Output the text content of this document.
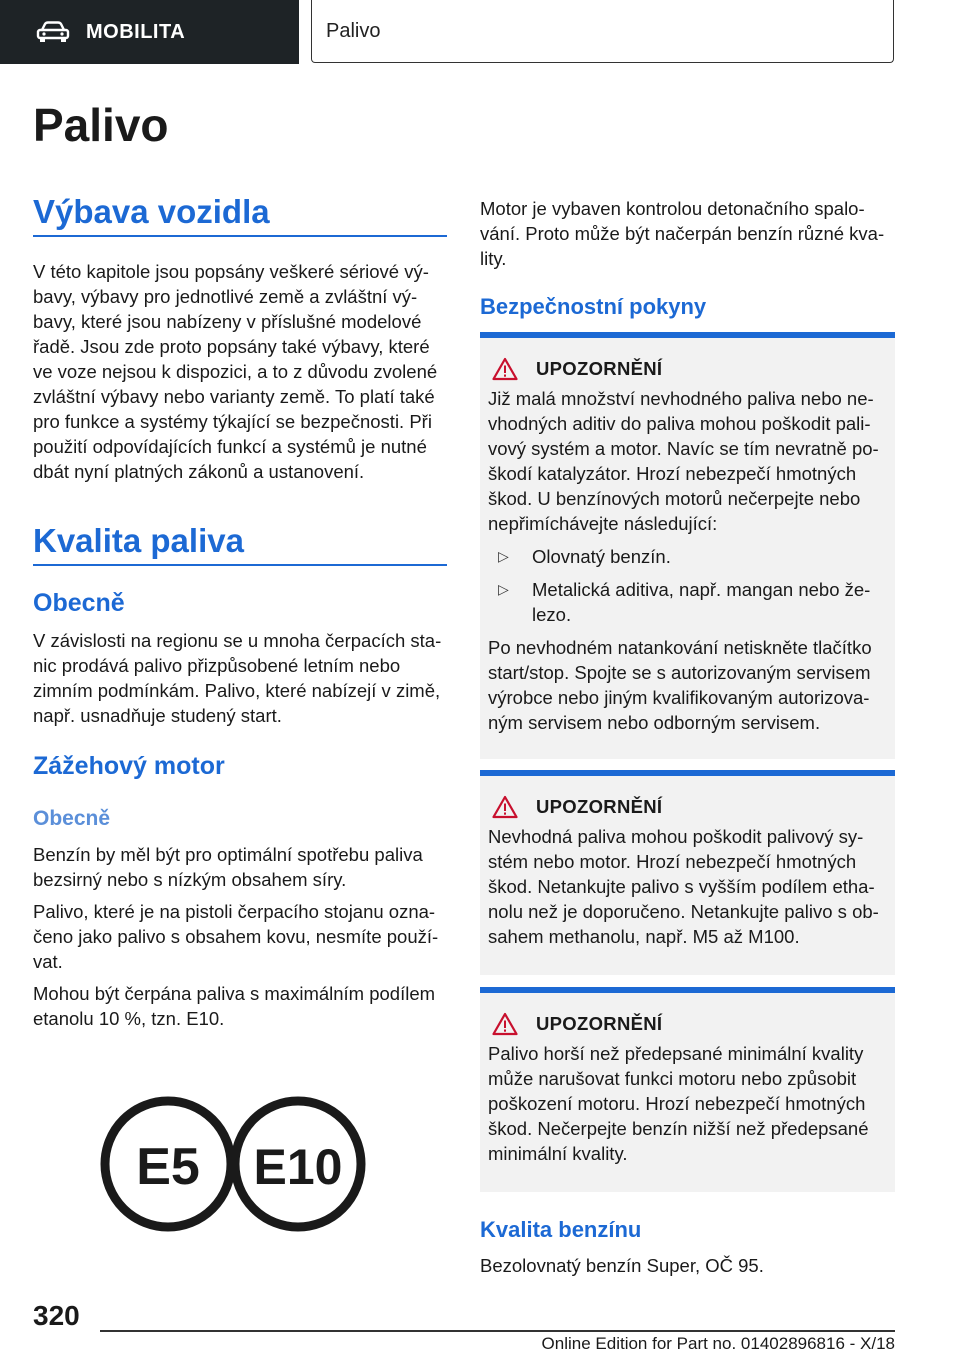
MOBILITA	Palivo
Palivo
Výbava vozidla

V této kapitole jsou popsány veškeré sériové vý-bavy, výbavy pro jednotlivé země a zvláštní vý-bavy, které jsou nabízeny v příslušné modelové řadě. Jsou zde proto popsány také výbavy, které ve voze nejsou k dispozici, a to z důvodu zvolené zvláštní výbavy nebo varianty země. To platí také pro funkce a systémy týkající se bezpečnosti. Při použití odpovídajících funkcí a systémů je nutné dbát nyní platných zákonů a ustanovení.

Kvalita paliva
Obecně

V závislosti na regionu se u mnoha čerpacích sta-nic prodává palivo přizpůsobené letním nebo zimním podmínkám. Palivo, které nabízejí v zimě, např. usnadňuje studený start.

Zážehový motor
Obecně

Benzín by měl být pro optimální spotřebu paliva bezsirný nebo s nízkým obsahem síry.

Palivo, které je na pistoli čerpacího stojanu ozna-čeno jako palivo s obsahem kovu, nesmíte použí-vat.

Mohou být čerpána paliva s maximálním podílem etanolu 10 %, tzn. E10.

E5 E10

Motor je vybaven kontrolou detonačního spalo-vání. Proto může být načerpán benzín různé kva-lity.

Bezpečnostní pokyny
UPOZORNĚNÍ

Již malá množství nevhodného paliva nebo ne-vhodných aditiv do paliva mohou poškodit pali-vový systém a motor. Navíc se tím nevratně po-škodí katalyzátor. Hrozí nebezpečí hmotných škod. U benzínových motorů nečerpejte nebo nepřimíchávejte následující:

▷	Olovnatý benzín.
▷	Metalická aditiva, např. mangan nebo že-lezo.

Po nevhodném natankování netiskněte tlačítko start/stop. Spojte se s autorizovaným servisem výrobce nebo jiným kvalifikovaným autorizova-ným servisem nebo odborným servisem.

UPOZORNĚNÍ

Nevhodná paliva mohou poškodit palivový sy-stém nebo motor. Hrozí nebezpečí hmotných škod. Netankujte palivo s vyšším podílem etha-nolu než je doporučeno. Netankujte palivo s ob-sahem methanolu, např. M5 až M100.

UPOZORNĚNÍ

Palivo horší než předepsané minimální kvality může narušovat funkci motoru nebo způsobit poškození motoru. Hrozí nebezpečí hmotných škod. Nečerpejte benzín nižší než předepsané minimální kvality.

Kvalita benzínu

Bezolovnatý benzín Super, OČ 95.

320
Online Edition for Part no. 01402896816 - X/18
